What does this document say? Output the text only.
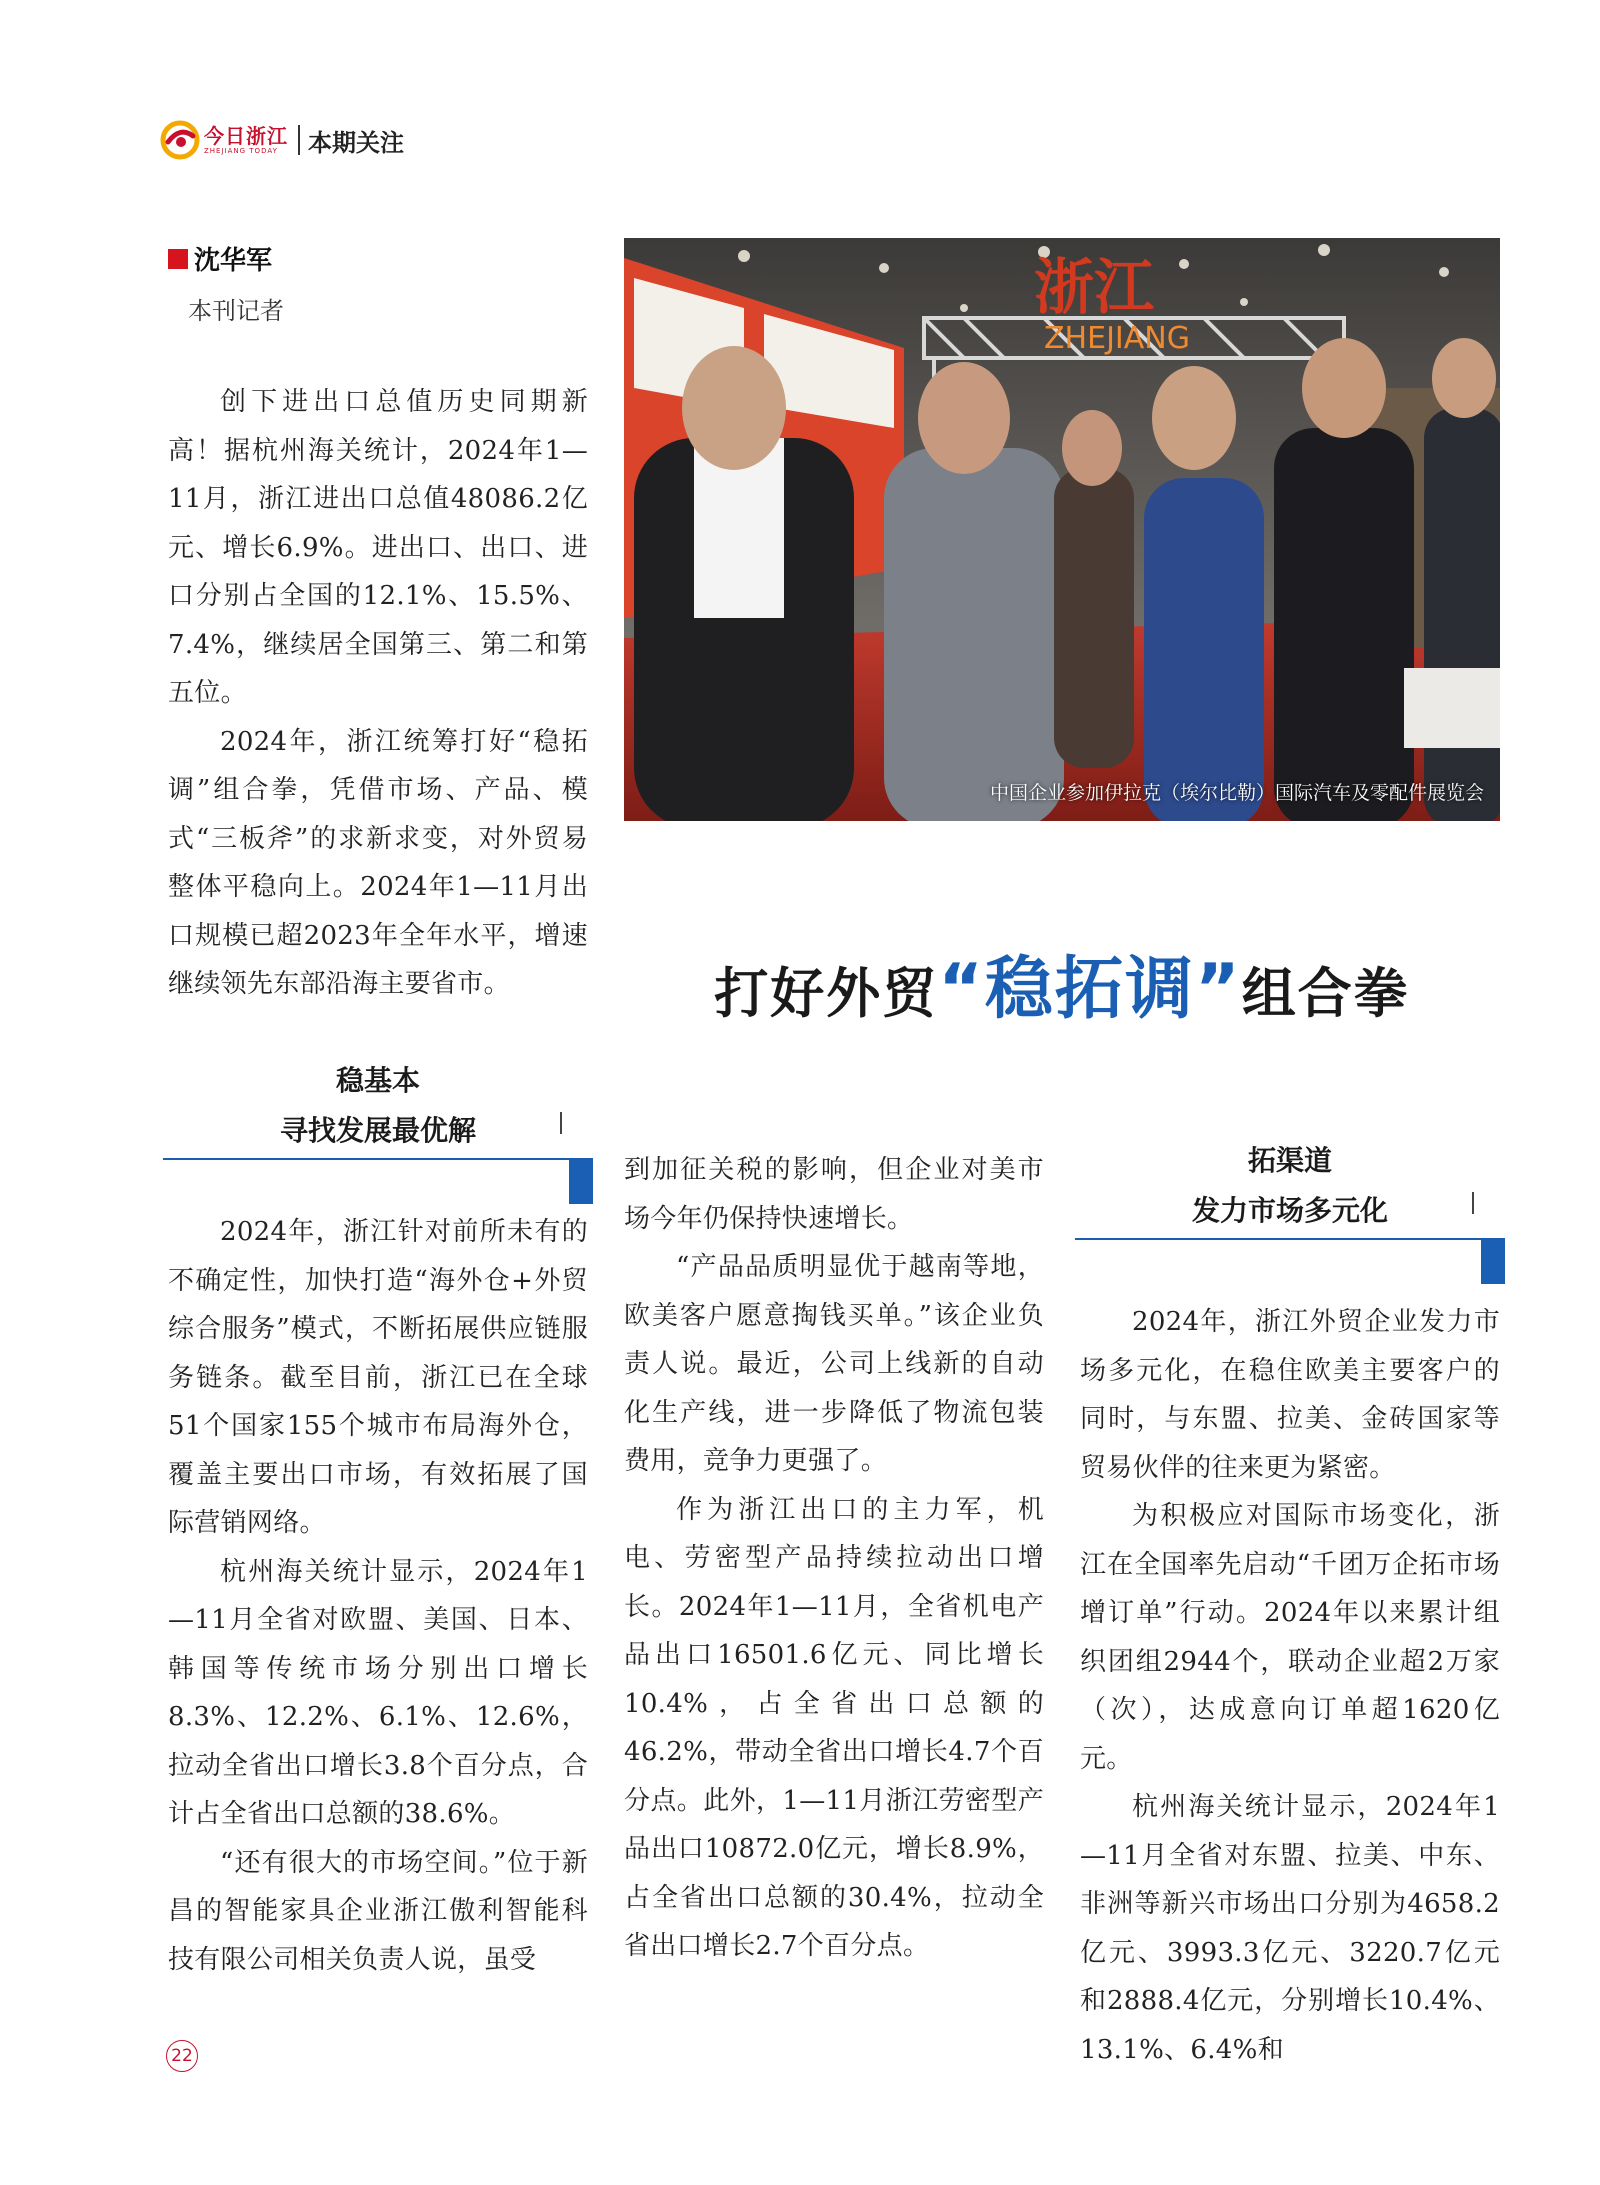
今日浙江
ZHEJIANG TODAY	本期关注
沈华军
本刊记者

创下进出口总值历史同期新高！据杭州海关统计，2024年1—11月，浙江进出口总值48086.2亿元、增长6.9%。进出口、出口、进口分别占全国的12.1%、15.5%、7.4%，继续居全国第三、第二和第五位。

2024年，浙江统筹打好“稳拓调”组合拳，凭借市场、产品、模式“三板斧”的求新求变，对外贸易整体平稳向上。2024年1—11月出口规模已超2023年全年水平，增速继续领先东部沿海主要省市。

浙江
ZHEJIANG
中国企业参加伊拉克（埃尔比勒）国际汽车及零配件展览会
打好外贸“稳拓调”组合拳
稳基本
寻找发展最优解

2024年，浙江针对前所未有的不确定性，加快打造“海外仓+外贸综合服务”模式，不断拓展供应链服务链条。截至目前，浙江已在全球51个国家155个城市布局海外仓，覆盖主要出口市场，有效拓展了国际营销网络。

杭州海关统计显示，2024年1—11月全省对欧盟、美国、日本、韩国等传统市场分别出口增长8.3%、12.2%、6.1%、12.6%，拉动全省出口增长3.8个百分点，合计占全省出口总额的38.6%。

“还有很大的市场空间。”位于新昌的智能家具企业浙江傲利智能科技有限公司相关负责人说，虽受

到加征关税的影响，但企业对美市场今年仍保持快速增长。

“产品品质明显优于越南等地，欧美客户愿意掏钱买单。”该企业负责人说。最近，公司上线新的自动化生产线，进一步降低了物流包装费用，竞争力更强了。

作为浙江出口的主力军，机电、劳密型产品持续拉动出口增长。2024年1—11月，全省机电产品出口16501.6亿元、同比增长10.4%，占全省出口总额的46.2%，带动全省出口增长4.7个百分点。此外，1—11月浙江劳密型产品出口10872.0亿元，增长8.9%，占全省出口总额的30.4%，拉动全省出口增长2.7个百分点。

拓渠道
发力市场多元化

2024年，浙江外贸企业发力市场多元化，在稳住欧美主要客户的同时，与东盟、拉美、金砖国家等贸易伙伴的往来更为紧密。

为积极应对国际市场变化，浙江在全国率先启动“千团万企拓市场增订单”行动。2024年以来累计组织团组2944个，联动企业超2万家（次），达成意向订单超1620亿元。

杭州海关统计显示，2024年1—11月全省对东盟、拉美、中东、非洲等新兴市场出口分别为4658.2亿元、3993.3亿元、3220.7亿元和2888.4亿元，分别增长10.4%、13.1%、6.4%和

22
